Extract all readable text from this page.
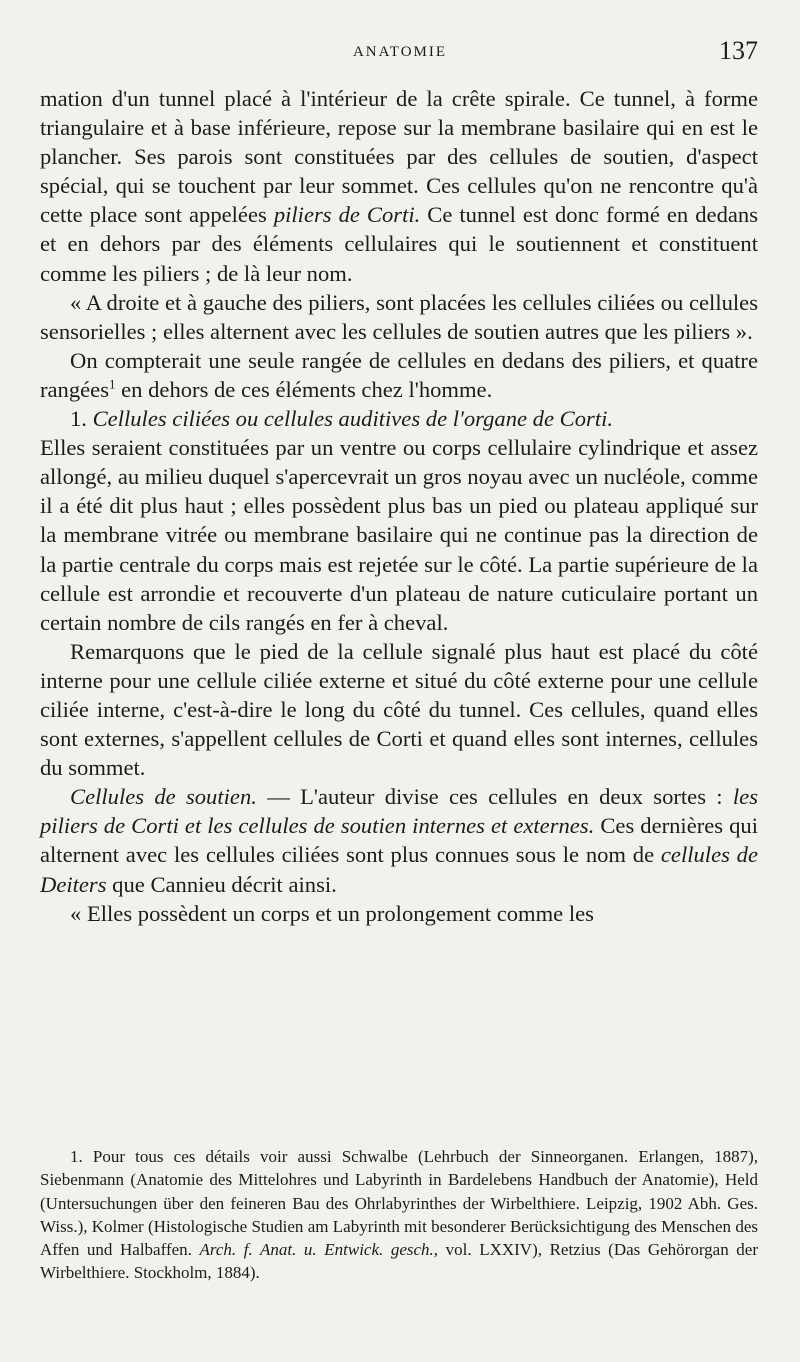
ANATOMIE	137

mation d'un tunnel placé à l'intérieur de la crête spirale. Ce tunnel, à forme triangulaire et à base inférieure, repose sur la membrane basilaire qui en est le plancher. Ses parois sont constituées par des cellules de soutien, d'aspect spécial, qui se touchent par leur sommet. Ces cellules qu'on ne rencontre qu'à cette place sont appelées piliers de Corti. Ce tunnel est donc formé en dedans et en dehors par des éléments cellulaires qui le soutiennent et constituent comme les piliers ; de là leur nom.

« A droite et à gauche des piliers, sont placées les cellules ciliées ou cellules sensorielles ; elles alternent avec les cellules de soutien autres que les piliers ».

On compterait une seule rangée de cellules en dedans des piliers, et quatre rangées$^1$ en dehors de ces éléments chez l'homme.

1. Cellules ciliées ou cellules auditives de l'organe de Corti.

Elles seraient constituées par un ventre ou corps cellulaire cylindrique et assez allongé, au milieu duquel s'apercevrait un gros noyau avec un nucléole, comme il a été dit plus haut ; elles possèdent plus bas un pied ou plateau appliqué sur la membrane vitrée ou membrane basilaire qui ne continue pas la direction de la partie centrale du corps mais est rejetée sur le côté. La partie supérieure de la cellule est arrondie et recouverte d'un plateau de nature cuticulaire portant un certain nombre de cils rangés en fer à cheval.

Remarquons que le pied de la cellule signalé plus haut est placé du côté interne pour une cellule ciliée externe et situé du côté externe pour une cellule ciliée interne, c'est-à-dire le long du côté du tunnel. Ces cellules, quand elles sont externes, s'appellent cellules de Corti et quand elles sont internes, cellules du sommet.

Cellules de soutien. — L'auteur divise ces cellules en deux sortes : les piliers de Corti et les cellules de soutien internes et externes. Ces dernières qui alternent avec les cellules ciliées sont plus connues sous le nom de cellules de Deiters que Cannieu décrit ainsi.

« Elles possèdent un corps et un prolongement comme les

1. Pour tous ces détails voir aussi Schwalbe (Lehrbuch der Sinneorganen. Erlangen, 1887), Siebenmann (Anatomie des Mittelohres und Labyrinth in Bardelebens Handbuch der Anatomie), Held (Untersuchungen über den feineren Bau des Ohrlabyrinthes der Wirbelthiere. Leipzig, 1902 Abh. Ges. Wiss.), Kolmer (Histologische Studien am Labyrinth mit besonderer Berücksichtigung des Menschen des Affen und Halbaffen. Arch. f. Anat. u. Entwick. gesch., vol. LXXIV), Retzius (Das Gehörorgan der Wirbelthiere. Stockholm, 1884).
